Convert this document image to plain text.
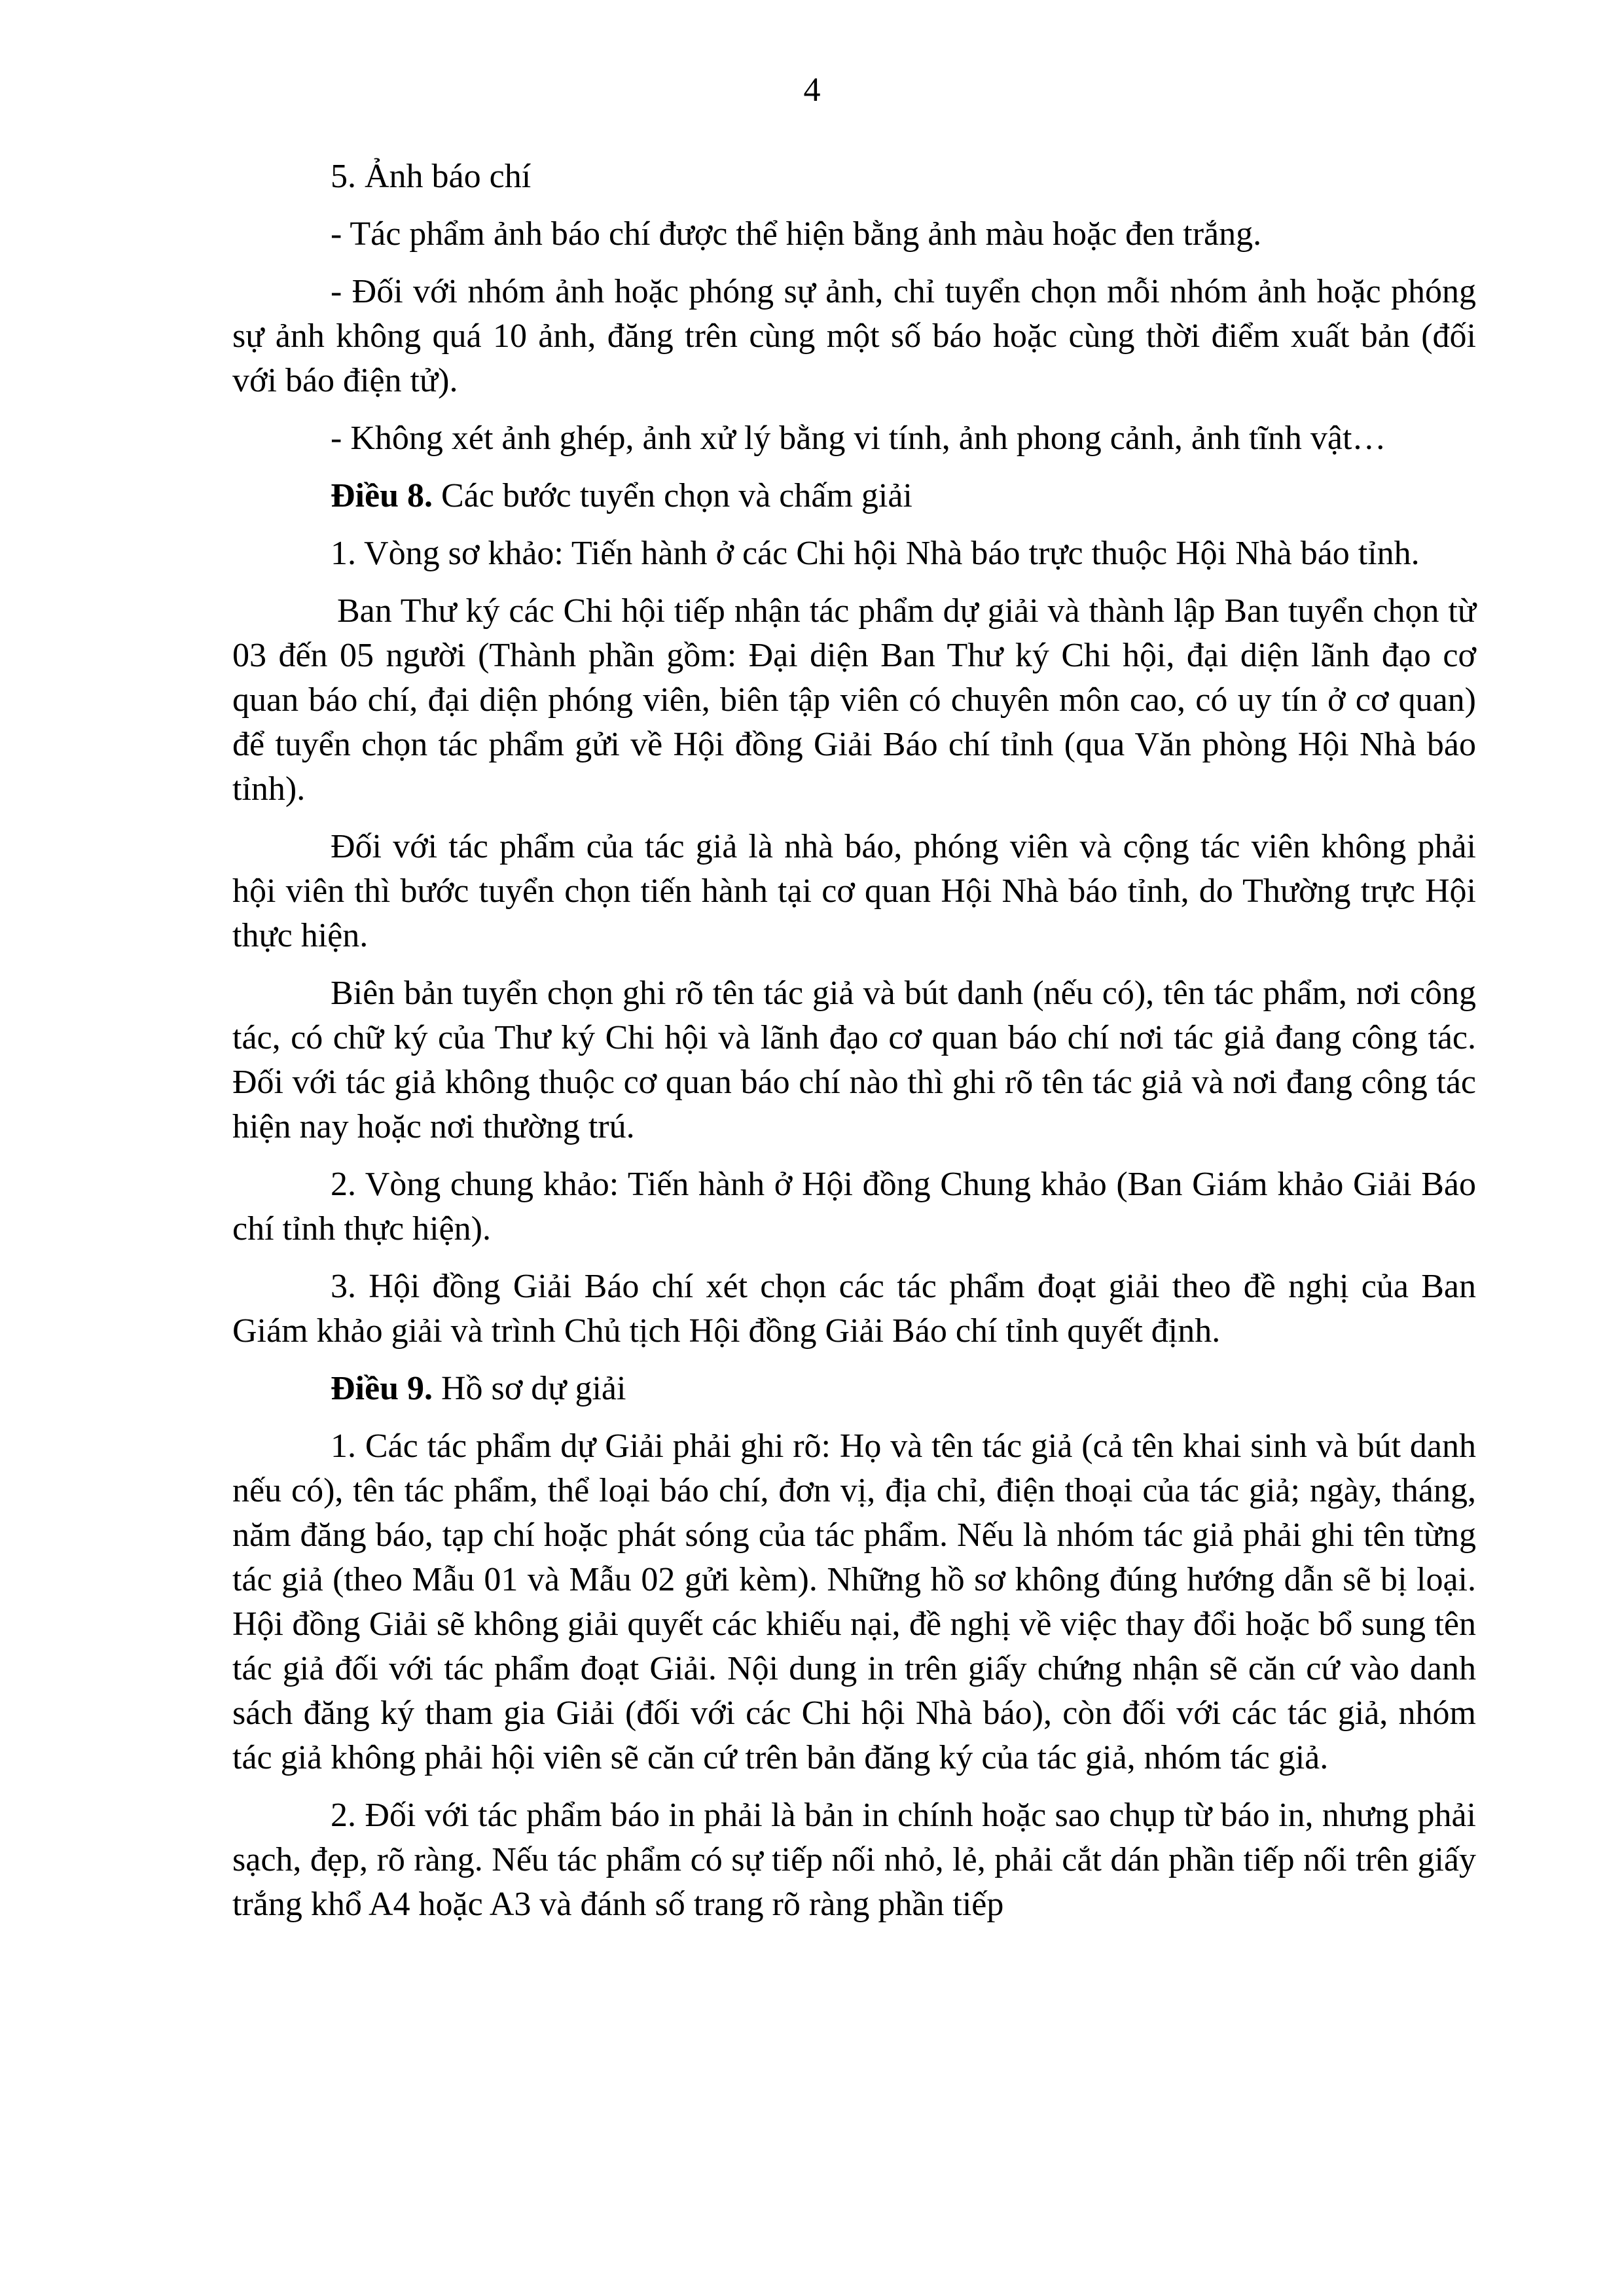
4

5. Ảnh báo chí

- Tác phẩm ảnh báo chí được thể hiện bằng ảnh màu hoặc đen trắng.

- Đối với nhóm ảnh hoặc phóng sự ảnh, chỉ tuyển chọn mỗi nhóm ảnh hoặc phóng sự ảnh không quá 10 ảnh, đăng trên cùng một số báo hoặc cùng thời điểm xuất bản (đối với báo điện tử).

- Không xét ảnh ghép, ảnh xử lý bằng vi tính, ảnh phong cảnh, ảnh tĩnh vật…

Điều 8. Các bước tuyển chọn và chấm giải

1. Vòng sơ khảo: Tiến hành ở các Chi hội Nhà báo trực thuộc Hội Nhà báo tỉnh.

Ban Thư ký các Chi hội tiếp nhận tác phẩm dự giải và thành lập Ban tuyển chọn từ 03 đến 05 người (Thành phần gồm: Đại diện Ban Thư ký Chi hội, đại diện lãnh đạo cơ quan báo chí, đại diện phóng viên, biên tập viên có chuyên môn cao, có uy tín ở cơ quan) để tuyển chọn tác phẩm gửi về Hội đồng Giải Báo chí tỉnh (qua Văn phòng Hội Nhà báo tỉnh).

Đối với tác phẩm của tác giả là nhà báo, phóng viên và cộng tác viên không phải hội viên thì bước tuyển chọn tiến hành tại cơ quan Hội Nhà báo tỉnh, do Thường trực Hội thực hiện.

Biên bản tuyển chọn ghi rõ tên tác giả và bút danh (nếu có), tên tác phẩm, nơi công tác, có chữ ký của Thư ký Chi hội và lãnh đạo cơ quan báo chí nơi tác giả đang công tác. Đối với tác giả không thuộc cơ quan báo chí nào thì ghi rõ tên tác giả và nơi đang công tác hiện nay hoặc nơi thường trú.

2. Vòng chung khảo: Tiến hành ở Hội đồng Chung khảo (Ban Giám khảo Giải Báo chí tỉnh thực hiện).

3. Hội đồng Giải Báo chí xét chọn các tác phẩm đoạt giải theo đề nghị của Ban Giám khảo giải và trình Chủ tịch Hội đồng Giải Báo chí tỉnh quyết định.

Điều 9. Hồ sơ dự giải

1. Các tác phẩm dự Giải phải ghi rõ: Họ và tên tác giả (cả tên khai sinh và bút danh nếu có), tên tác phẩm, thể loại báo chí, đơn vị, địa chỉ, điện thoại của tác giả; ngày, tháng, năm đăng báo, tạp chí hoặc phát sóng của tác phẩm. Nếu là nhóm tác giả phải ghi tên từng tác giả (theo Mẫu 01 và Mẫu 02 gửi kèm). Những hồ sơ không đúng hướng dẫn sẽ bị loại. Hội đồng Giải sẽ không giải quyết các khiếu nại, đề nghị về việc thay đổi hoặc bổ sung tên tác giả đối với tác phẩm đoạt Giải. Nội dung in trên giấy chứng nhận sẽ căn cứ vào danh sách đăng ký tham gia Giải (đối với các Chi hội Nhà báo), còn đối với các tác giả, nhóm tác giả không phải hội viên sẽ căn cứ trên bản đăng ký của tác giả, nhóm tác giả.

2. Đối với tác phẩm báo in phải là bản in chính hoặc sao chụp từ báo in, nhưng phải sạch, đẹp, rõ ràng. Nếu tác phẩm có sự tiếp nối nhỏ, lẻ, phải cắt dán phần tiếp nối trên giấy trắng khổ A4 hoặc A3 và đánh số trang rõ ràng phần tiếp
